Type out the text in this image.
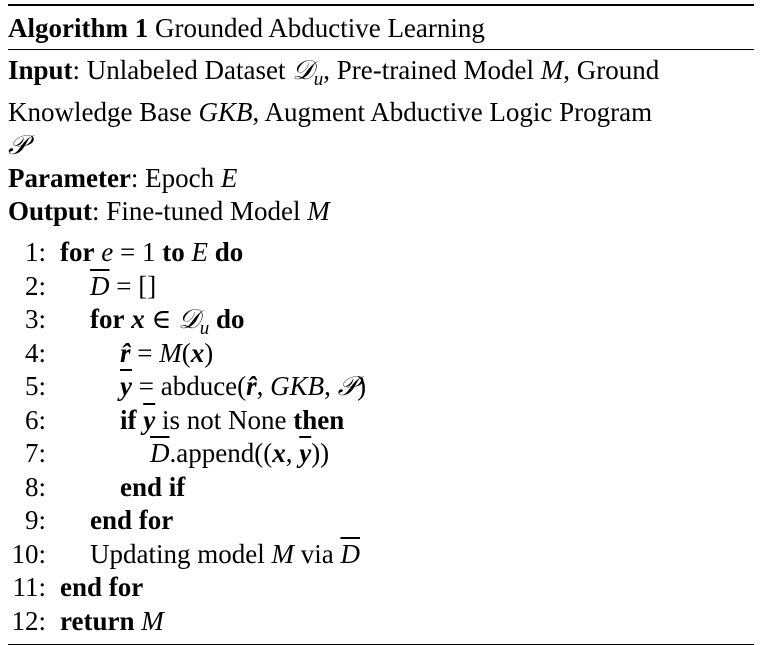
Algorithm 1 Grounded Abductive Learning
Input: Unlabeled Dataset 𝒟$_u$, Pre-trained Model M, Ground
Knowledge Base GKB, Augment Abductive Logic Program
𝒫
Parameter: Epoch E
Output: Fine-tuned Model M
1: for e = 1 to E do
2: $\overline{D}$ = []
3: for x ∈ 𝒟$_u$ do
4:	r̂ = M(x)
5:	$\overline{y}$ = abduce(r̂, GKB, 𝒫)
6:	if $\overline{y}$ is not None then
7:	$\overline{D}.append((x$, $\overline{y}$))
8:	end if
9: end for
10: Updating model M via $\overline{D}$
11: end for
12: return M
